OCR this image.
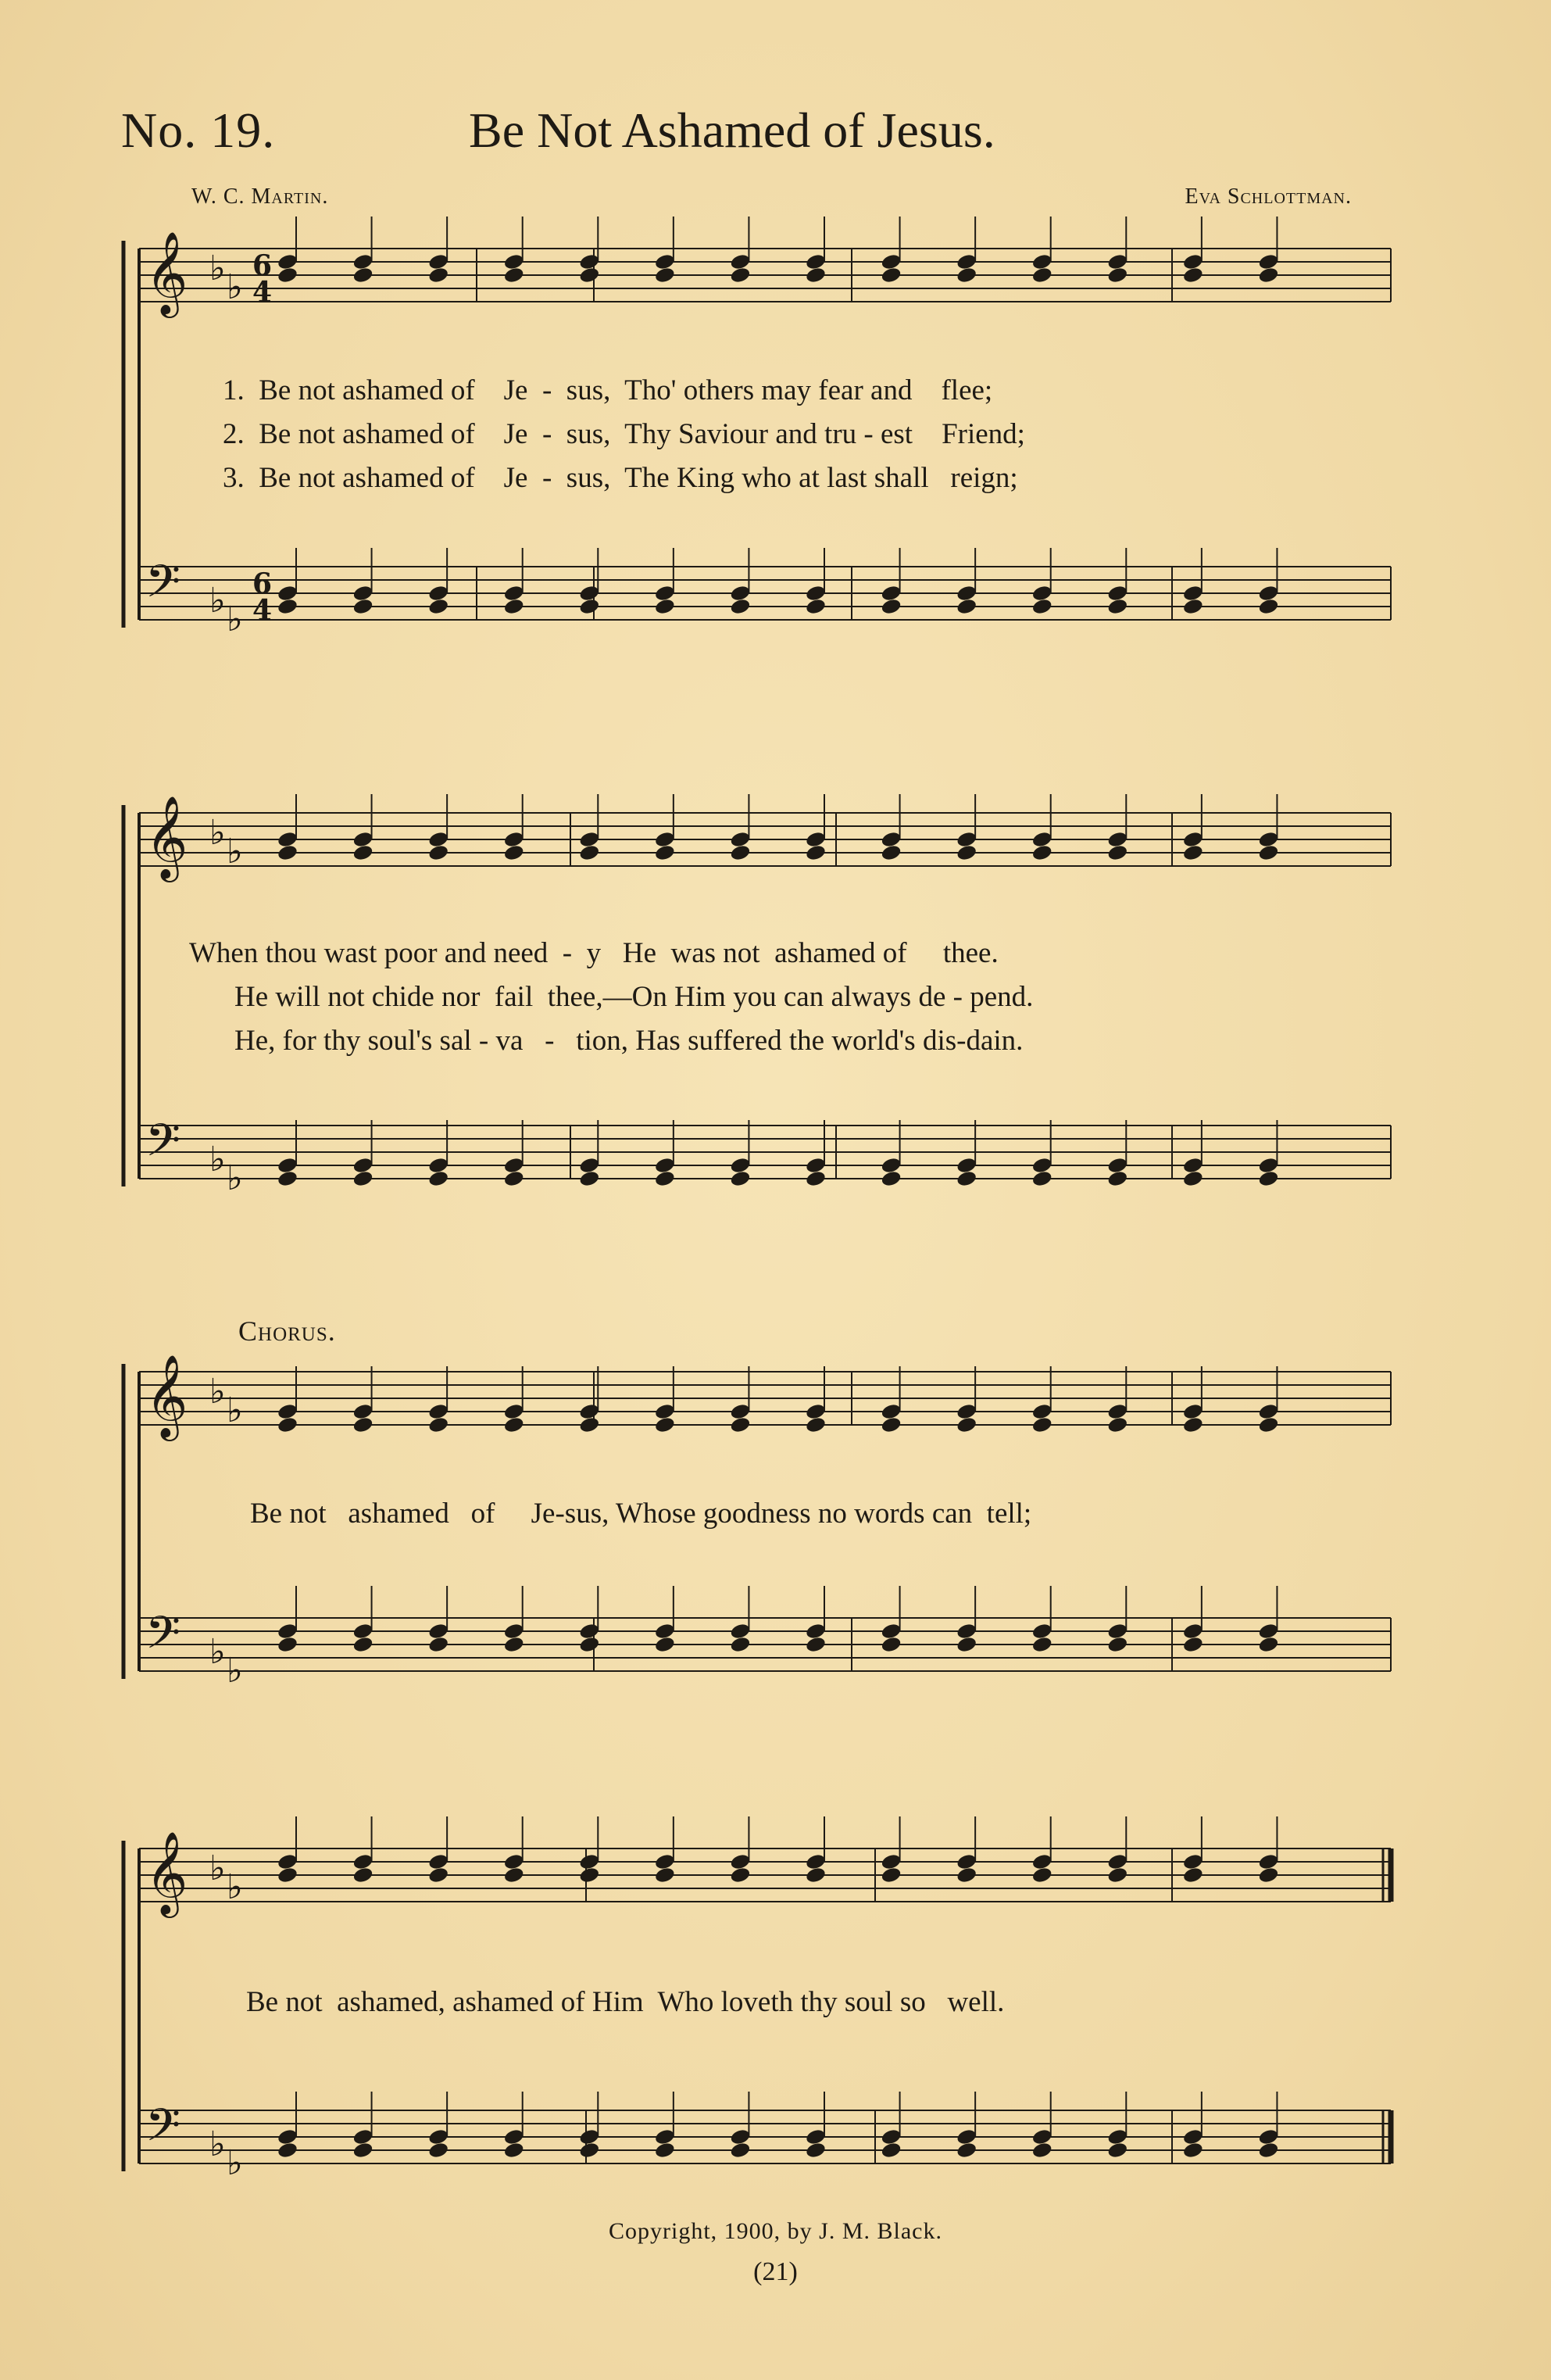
No. 19.	Be Not Ashamed of Jesus.
W. C. Martin.	Eva Schlottman.
𝄞 ♭ ♭
𝄢 ♭ ♭
𝄞 ♭ ♭
𝄢 ♭ ♭
𝄞 ♭ ♭
𝄢 ♭ ♭
𝄞 ♭ ♭
𝄢 ♭ ♭
6
4
6
4
1.  Be not ashamed of    Je  -  sus,  Tho' others may fear and    flee;
2.  Be not ashamed of    Je  -  sus,  Thy Saviour and tru - est    Friend;
3.  Be not ashamed of    Je  -  sus,  The King who at last shall   reign;
When thou wast poor and need  -  y   He  was not  ashamed of     thee.
He will not chide nor  fail  thee,—On Him you can always de - pend.
He, for thy soul's sal - va   -   tion, Has suffered the world's dis-dain.
Chorus.
Be not   ashamed   of     Je-sus, Whose goodness no words can  tell;
Be not  ashamed, ashamed of Him  Who loveth thy soul so   well.
Copyright, 1900, by J. M. Black.
(21)
